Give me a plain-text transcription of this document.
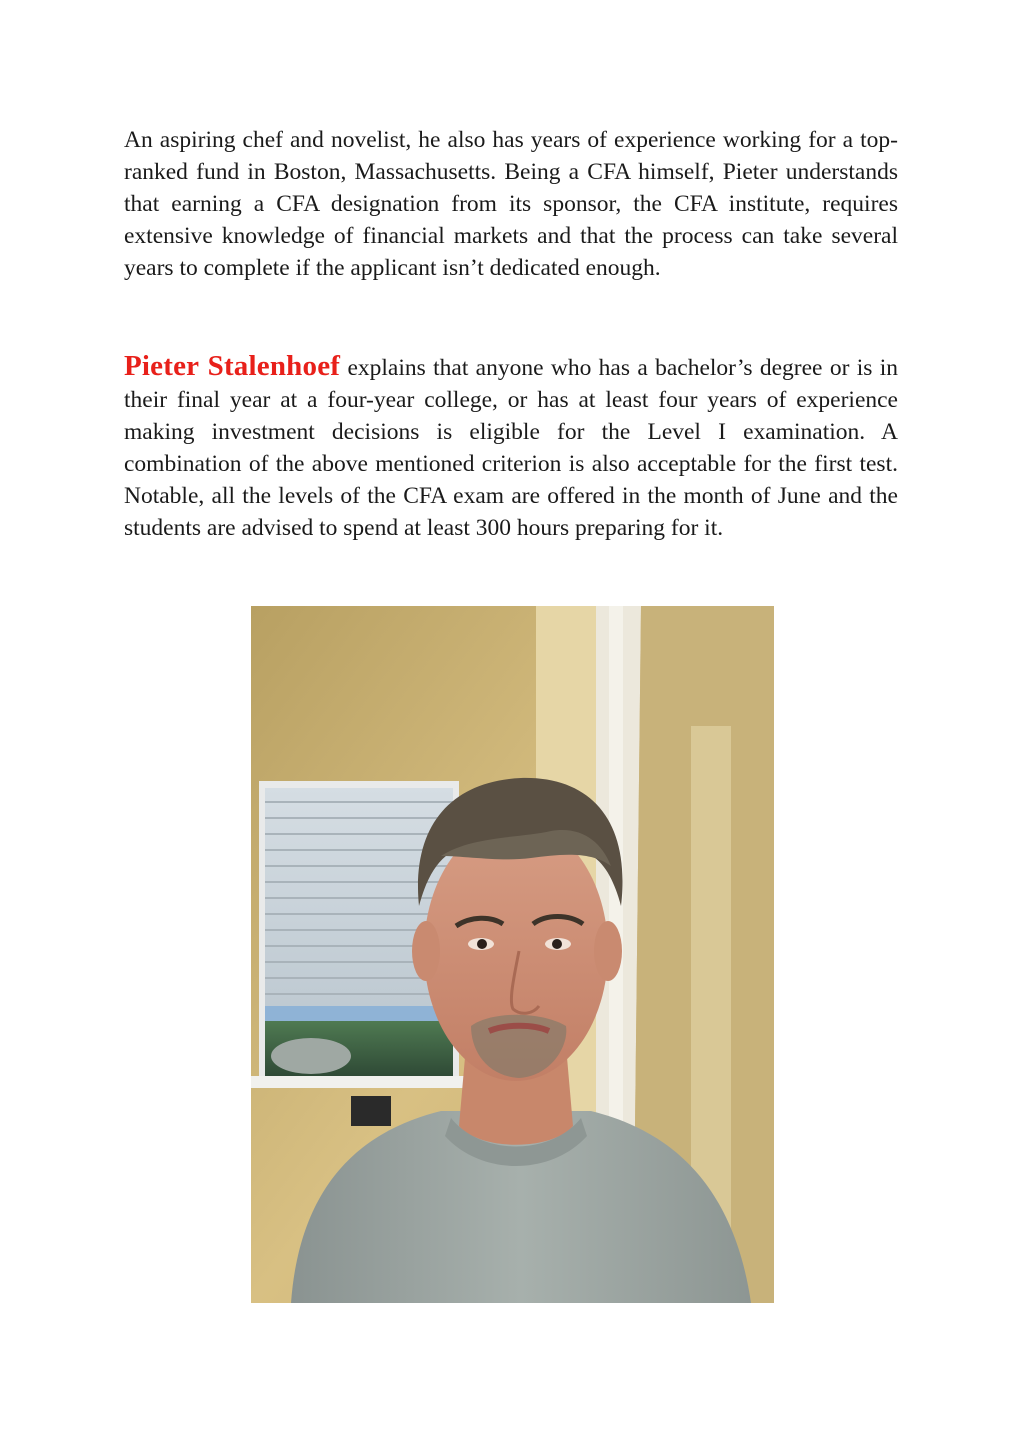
An aspiring chef and novelist, he also has years of experience working for a top-ranked fund in Boston, Massachusetts. Being a CFA himself, Pieter understands that earning a CFA designation from its sponsor, the CFA institute, requires extensive knowledge of financial markets and that the process can take several years to complete if the applicant isn’t dedicated enough.

Pieter Stalenhoef explains that anyone who has a bachelor’s degree or is in their final year at a four-year college, or has at least four years of experience making investment decisions is eligible for the Level I examination. A combination of the above mentioned criterion is also acceptable for the first test. Notable, all the levels of the CFA exam are offered in the month of June and the students are advised to spend at least 300 hours preparing for it.
